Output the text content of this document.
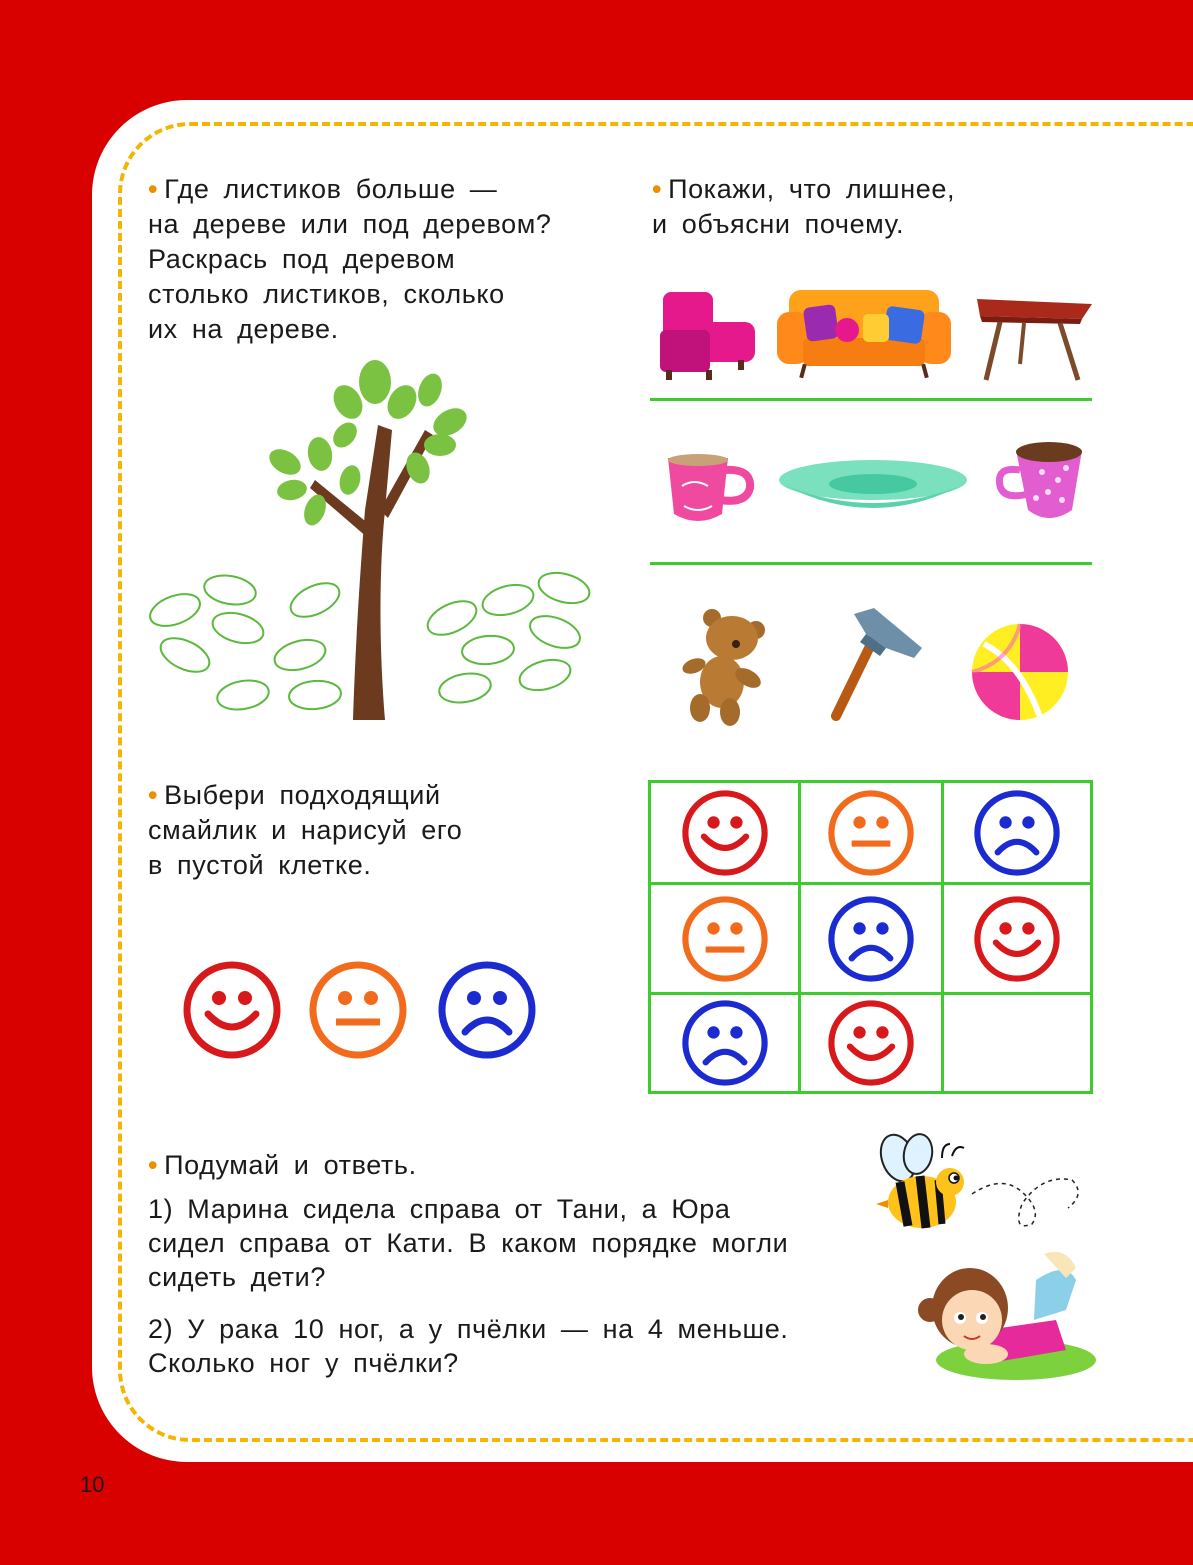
• Где листиков больше —
на дереве или под деревом?
Раскрась под деревом
столько листиков, сколько
их на дереве.

• Покажи, что лишнее,
и объясни почему.

• Выбери подходящий
смайлик и нарисуй его
в пустой клетке.

• Подумай и ответь.

1) Марина сидела справа от Тани, а Юра
сидел справа от Кати. В каком порядке могли
сидеть дети?

2) У рака 10 ног, а у пчёлки — на 4 меньше.
Сколько ног у пчёлки?

10
